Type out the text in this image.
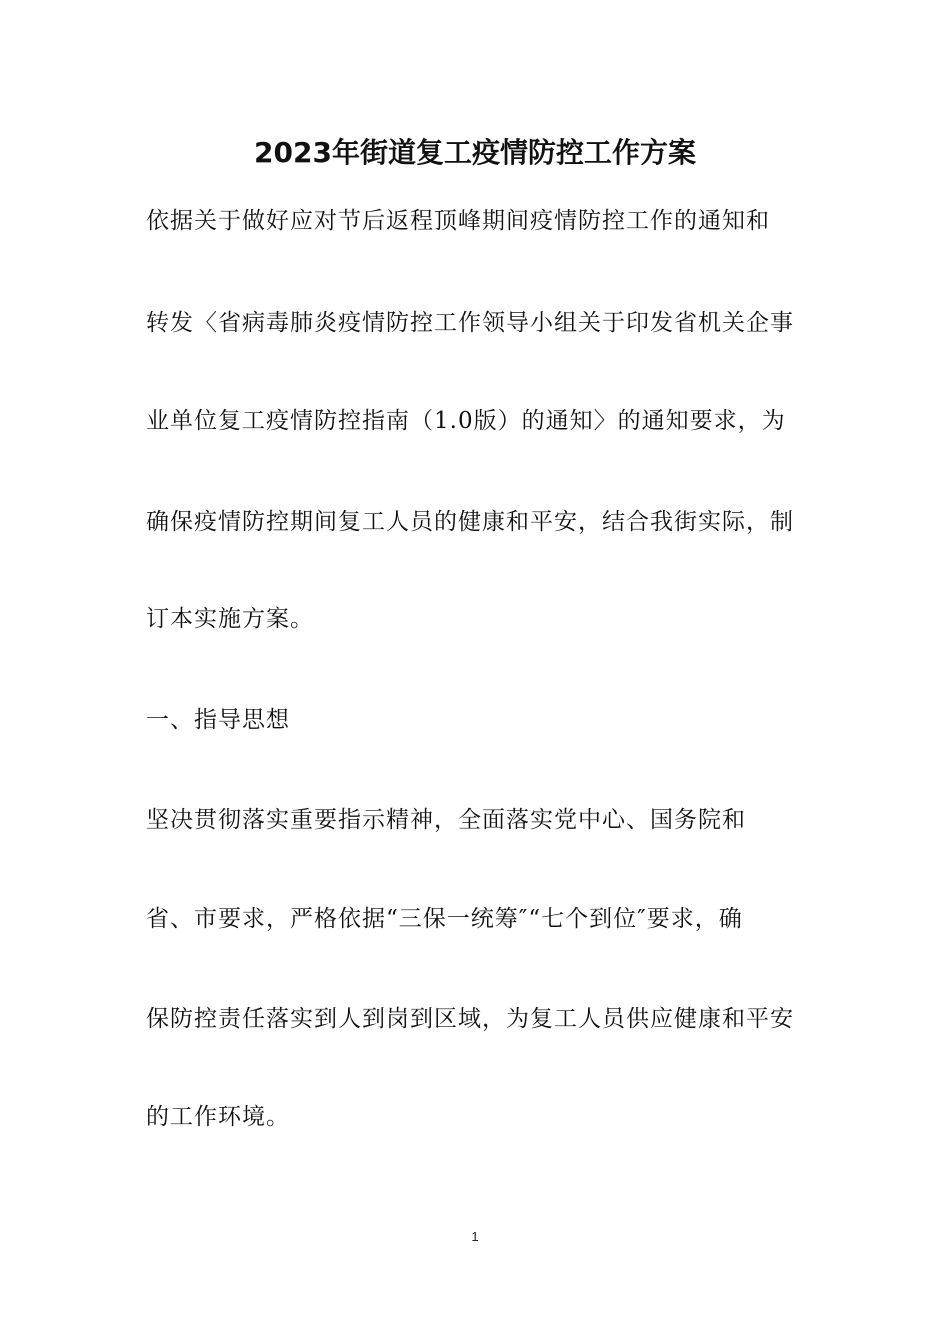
2023年街道复工疫情防控工作方案
依据关于做好应对节后返程顶峰期间疫情防控工作的通知和
转发〈省病毒肺炎疫情防控工作领导小组关于印发省机关企事
业单位复工疫情防控指南（1.0版）的通知〉的通知要求，为
确保疫情防控期间复工人员的健康和平安，结合我街实际，制
订本实施方案。
一、指导思想
坚决贯彻落实重要指示精神，全面落实党中心、国务院和
省、市要求，严格依据“三保一统筹″“七个到位″要求，确
保防控责任落实到人到岗到区域，为复工人员供应健康和平安
的工作环境。
1
